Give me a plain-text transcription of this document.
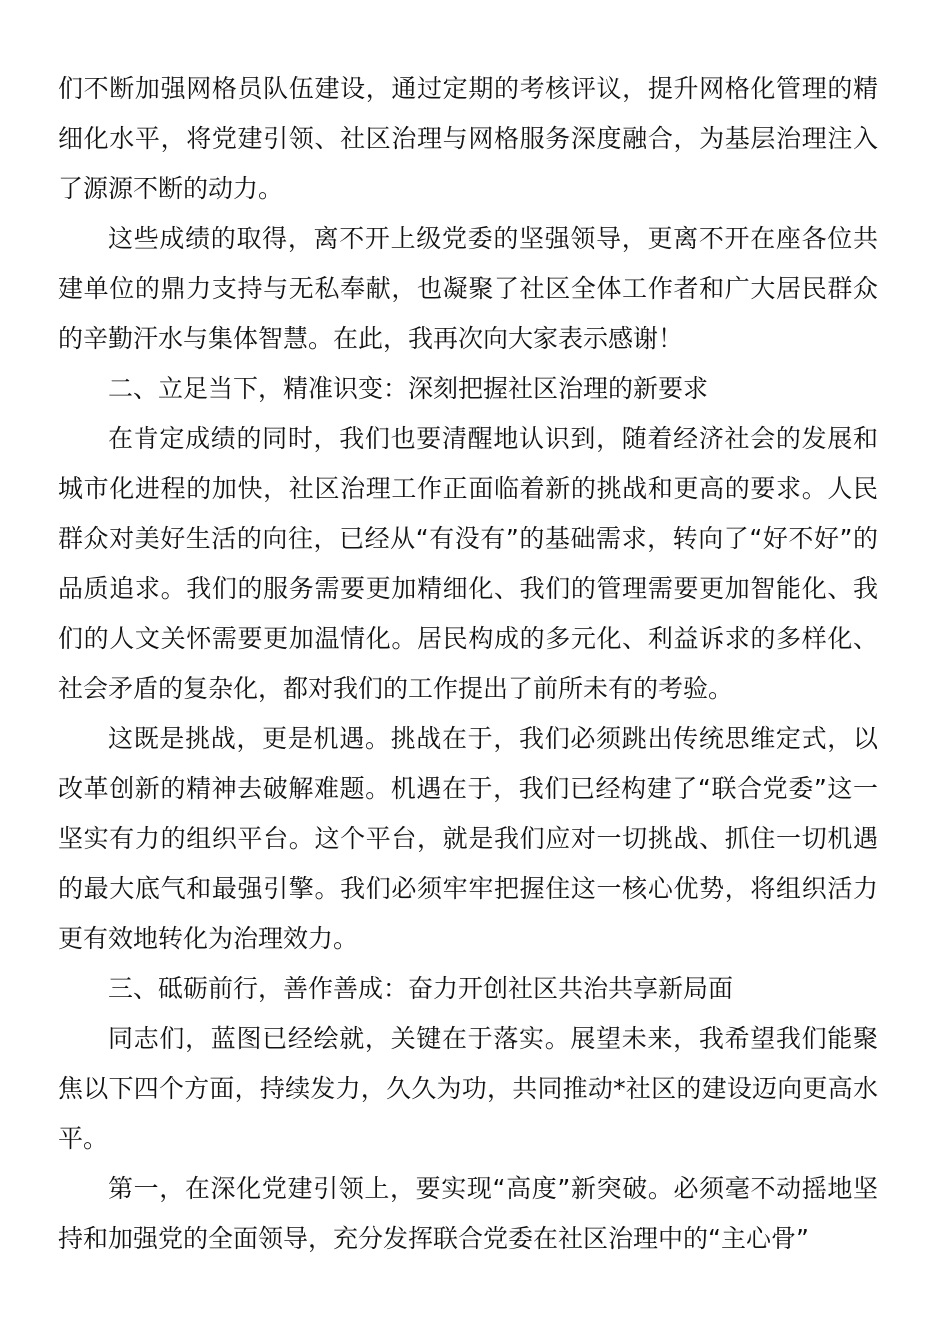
们不断加强网格员队伍建设，通过定期的考核评议，提升网格化管理的精细化水平，将党建引领、社区治理与网格服务深度融合，为基层治理注入了源源不断的动力。

这些成绩的取得，离不开上级党委的坚强领导，更离不开在座各位共建单位的鼎力支持与无私奉献，也凝聚了社区全体工作者和广大居民群众的辛勤汗水与集体智慧。在此，我再次向大家表示感谢！

二、立足当下，精准识变：深刻把握社区治理的新要求

在肯定成绩的同时，我们也要清醒地认识到，随着经济社会的发展和城市化进程的加快，社区治理工作正面临着新的挑战和更高的要求。人民群众对美好生活的向往，已经从“有没有”的基础需求，转向了“好不好”的品质追求。我们的服务需要更加精细化、我们的管理需要更加智能化、我们的人文关怀需要更加温情化。居民构成的多元化、利益诉求的多样化、社会矛盾的复杂化，都对我们的工作提出了前所未有的考验。

这既是挑战，更是机遇。挑战在于，我们必须跳出传统思维定式，以改革创新的精神去破解难题。机遇在于，我们已经构建了“联合党委”这一坚实有力的组织平台。这个平台，就是我们应对一切挑战、抓住一切机遇的最大底气和最强引擎。我们必须牢牢把握住这一核心优势，将组织活力更有效地转化为治理效力。

三、砥砺前行，善作善成：奋力开创社区共治共享新局面

同志们，蓝图已经绘就，关键在于落实。展望未来，我希望我们能聚焦以下四个方面，持续发力，久久为功，共同推动*社区的建设迈向更高水平。

第一，在深化党建引领上，要实现“高度”新突破。必须毫不动摇地坚持和加强党的全面领导，充分发挥联合党委在社区治理中的“主心骨”
